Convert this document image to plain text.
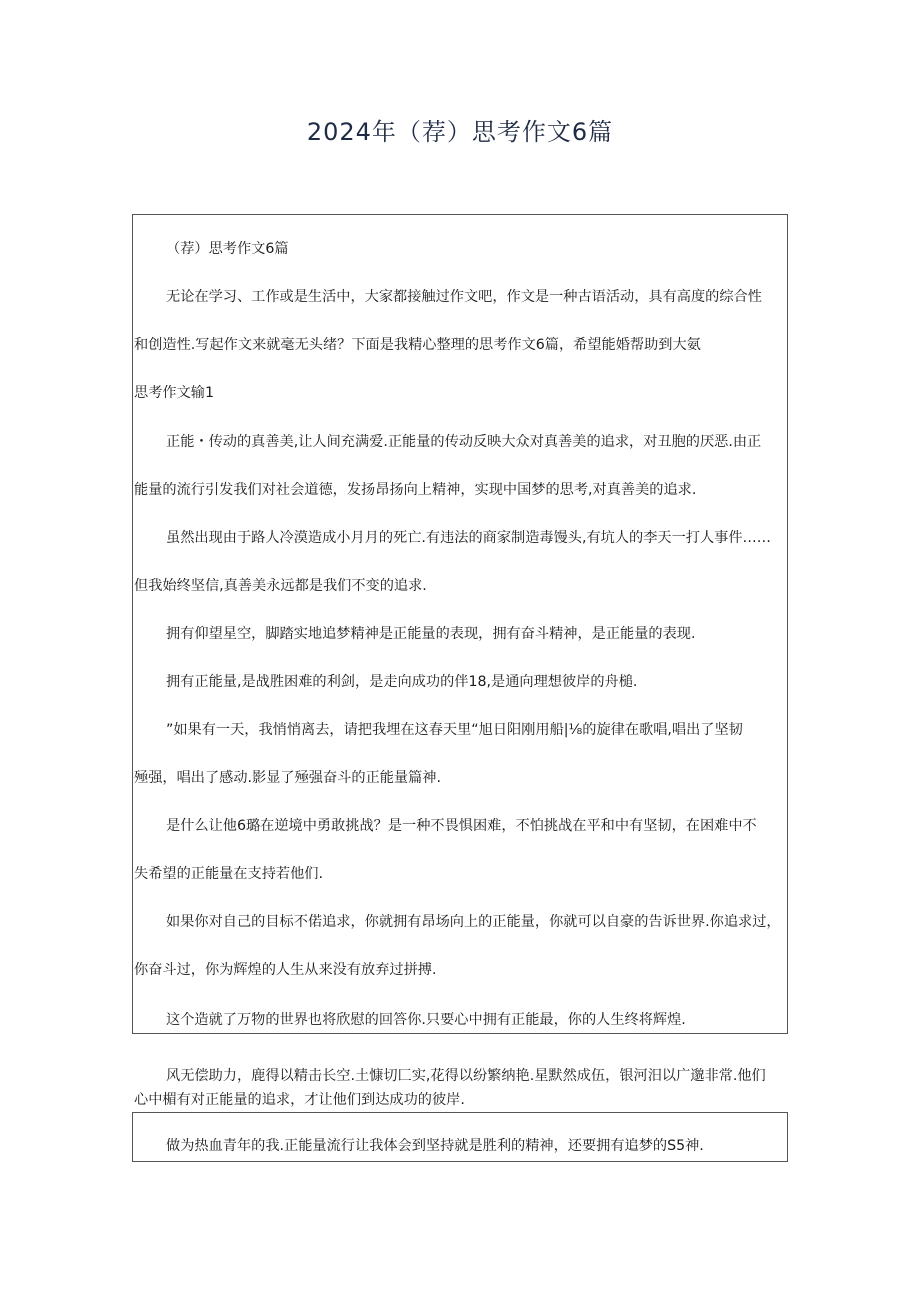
2024年（荐）思考作文6篇
（荐）思考作文6篇
无论在学习、工作或是生活中，大家都接触过作文吧，作文是一种古语活动，具有高度的综合性
和创造性.写起作文来就毫无头绪？下面是我精心整理的思考作文6篇，希望能婚帮助到大氨
思考作文输1
正能・传动的真善美,让人间充满爱.正能量的传动反映大众对真善美的追求，对丑胞的厌恶.由正
能量的流行引发我们对社会道德，发扬昂扬向上精神，实现中国梦的思考,对真善美的追求.
虽然出现由于路人冷漠造成小月月的死亡.有违法的商家制造毒馒头,有坑人的李天一打人事件……
但我始终坚信,真善美永远都是我们不变的追求.
拥有仰望星空，脚踏实地追梦精神是正能量的表现，拥有奋斗精神，是正能量的表现.
拥有正能量,是战胜困难的利剑，是走向成功的伴18,是通向理想彼岸的舟槌.
”如果有一天，我悄悄离去，请把我埋在这春天里“旭日阳刚用船|⅛的旋律在歌唱,唱出了坚韧
殛强，唱出了感动.影显了殛强奋斗的正能量篇神.
是什么让他6璐在逆境中勇敢挑战？是一种不畏惧困难，不怕挑战在平和中有坚韧，在困难中不
失希望的正能量在支持若他们.
如果你对自己的目标不偌追求，你就拥有昂场向上的正能量，你就可以自豪的告诉世界.你追求过，
你奋斗过，你为辉煌的人生从来没有放弃过拼搏.
这个造就了万物的世界也将欣慰的回答你.只要心中拥有正能最，你的人生终将辉煌.
风无偿助力，鹿得以精击长空.土慷切匚实,花得以纷繁纳艳.星默然成伍，银河汨以广邈非常.他们
心中楣有对正能量的追求，才让他们到达成功的彼岸.
做为热血青年的我.正能量流行让我体会到坚持就是胜利的精神，还要拥有追梦的S5神.
